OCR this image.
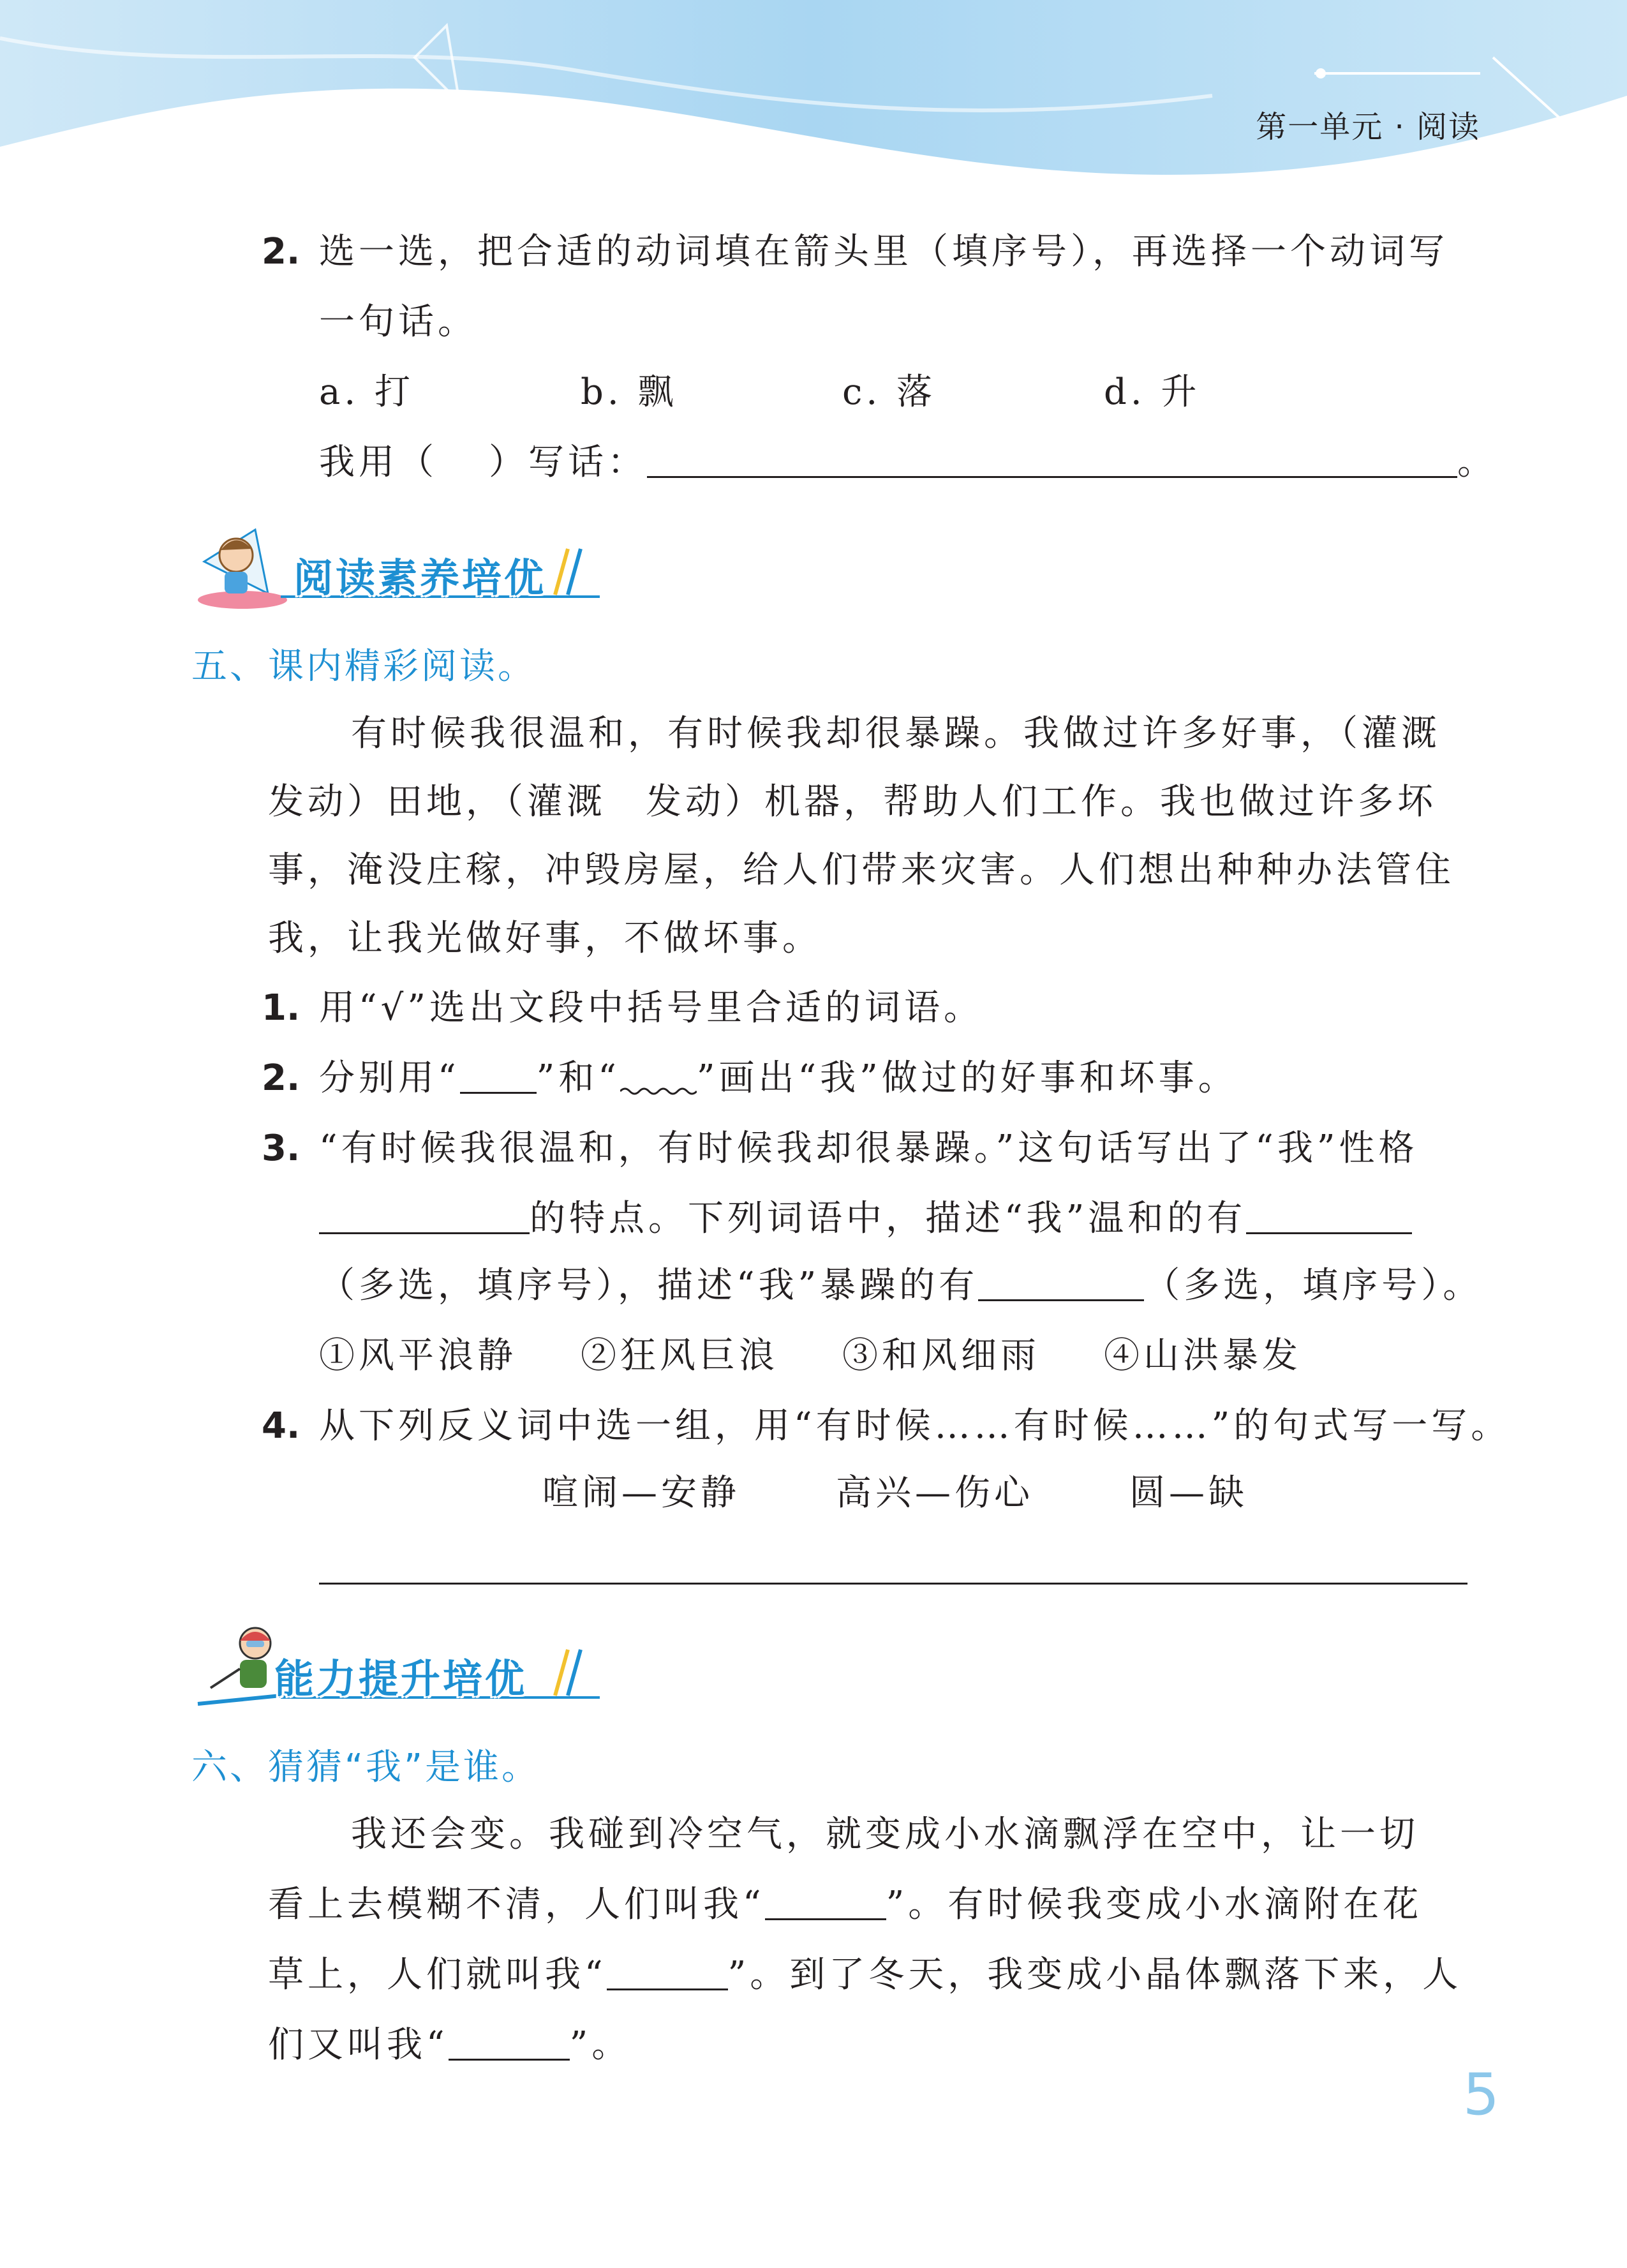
第一单元 · 阅读
2. 选一选，把合适的动词填在箭头里（填序号），再选择一个动词写
一句话。
a. 打	b. 飘	c. 落	d. 升
我用（ ）写话：	。
阅读素养培优
五、课内精彩阅读。
有时候我很温和，有时候我却很暴躁。我做过许多好事，（灌溉
发动）田地，（灌溉　发动）机器，帮助人们工作。我也做过许多坏
事，淹没庄稼，冲毁房屋，给人们带来灾害。人们想出种种办法管住
我，让我光做好事，不做坏事。
1. 用“√”选出文段中括号里合适的词语。
2. 分别用“ ”和“ ”画出“我”做过的好事和坏事。
3. “有时候我很温和，有时候我却很暴躁。”这句话写出了“我”性格
的特点。下列词语中，描述“我”温和的有
（多选，填序号），描述“我”暴躁的有	（多选，填序号）。
①风平浪静 ②狂风巨浪 ③和风细雨 ④山洪暴发
4. 从下列反义词中选一组，用“有时候……有时候……”的句式写一写。
喧闹—安静	高兴—伤心	圆—缺
能力提升培优
六、猜猜“我”是谁。
我还会变。我碰到冷空气，就变成小水滴飘浮在空中，让一切
看上去模糊不清，人们叫我“	”。有时候我变成小水滴附在花
草上，人们就叫我“	”。到了冬天，我变成小晶体飘落下来，人
们又叫我“	”。
5
